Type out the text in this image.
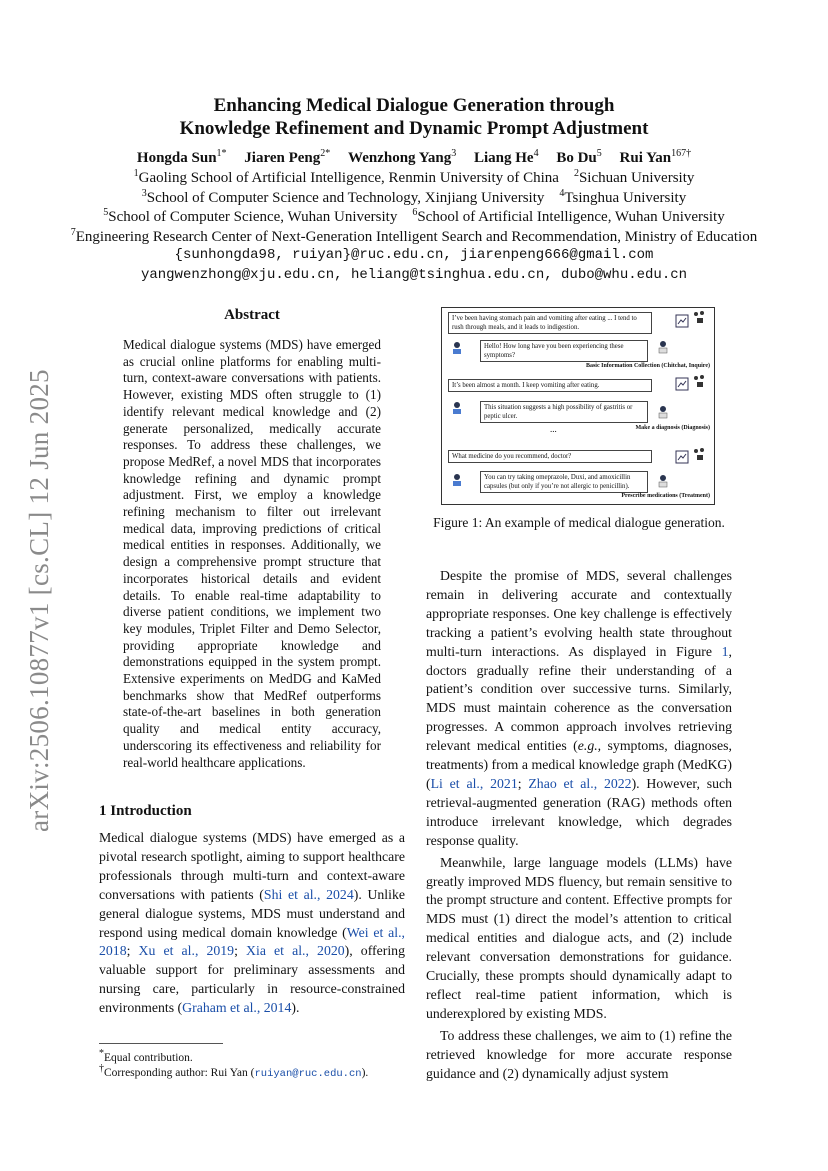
arXiv:2506.10877v1 [cs.CL] 12 Jun 2025
Enhancing Medical Dialogue Generation through
Knowledge Refinement and Dynamic Prompt Adjustment
Hongda Sun$^{1*}$ Jiaren Peng$^{2*}$ Wenzhong Yang$^3$ Liang He$^4$ Bo Du$^5$ Rui Yan$^{167\dagger}$
$^1$Gaoling School of Artificial Intelligence, Renmin University of China $^2$Sichuan University
$^3$School of Computer Science and Technology, Xinjiang University $^4$Tsinghua University
$^5$School of Computer Science, Wuhan University $^6$School of Artificial Intelligence, Wuhan University
$^7$Engineering Research Center of Next-Generation Intelligent Search and Recommendation, Ministry of Education
{sunhongda98, ruiyan}@ruc.edu.cn, jiarenpeng666@gmail.com
yangwenzhong@xju.edu.cn, heliang@tsinghua.edu.cn, dubo@whu.edu.cn
Abstract
Medical dialogue systems (MDS) have emerged as crucial online platforms for enabling multi-turn, context-aware conversations with patients. However, existing MDS often struggle to (1) identify relevant medical knowledge and (2) generate personalized, medically accurate responses. To address these challenges, we propose MedRef, a novel MDS that incorporates knowledge refining and dynamic prompt adjustment. First, we employ a knowledge refining mechanism to filter out irrelevant medical data, improving predictions of critical medical entities in responses. Additionally, we design a comprehensive prompt structure that incorporates historical details and evident details. To enable real-time adaptability to diverse patient conditions, we implement two key modules, Triplet Filter and Demo Selector, providing appropriate knowledge and demonstrations equipped in the system prompt. Extensive experiments on MedDG and KaMed benchmarks show that MedRef outperforms state-of-the-art baselines in both generation quality and medical entity accuracy, underscoring its effectiveness and reliability for real-world healthcare applications.
1 Introduction

Medical dialogue systems (MDS) have emerged as a pivotal research spotlight, aiming to support healthcare professionals through multi-turn and context-aware conversations with patients (Shi et al., 2024). Unlike general dialogue systems, MDS must understand and respond using medical domain knowledge (Wei et al., 2018; Xu et al., 2019; Xia et al., 2020), offering valuable support for preliminary assessments and nursing care, particularly in resource-constrained environments (Graham et al., 2014).

*Equal contribution.
†Corresponding author: Rui Yan (ruiyan@ruc.edu.cn).
I’ve been having stomach pain and vomiting after eating ... I tend to rush through meals, and it leads to indigestion.
Hello! How long have you been experiencing these symptoms?
Basic Information Collection (Chitchat, Inquire)
It’s been almost a month. I keep vomiting after eating.
This situation suggests a high possibility of gastritis or peptic ulcer.
Make a diagnosis (Diagnosis)
What medicine do you recommend, doctor?
You can try taking omeprazole, Duxi, and amoxicillin capsules (but only if you’re not allergic to penicillin).
Prescribe medications (Treatment)
...
Figure 1: An example of medical dialogue generation.

Despite the promise of MDS, several challenges remain in delivering accurate and contextually appropriate responses. One key challenge is effectively tracking a patient’s evolving health state throughout multi-turn interactions. As displayed in Figure 1, doctors gradually refine their understanding of a patient’s condition over successive turns. Similarly, MDS must maintain coherence as the conversation progresses. A common approach involves retrieving relevant medical entities (e.g., symptoms, diagnoses, treatments) from a medical knowledge graph (MedKG) (Li et al., 2021; Zhao et al., 2022). However, such retrieval-augmented generation (RAG) methods often introduce irrelevant knowledge, which degrades response quality.

Meanwhile, large language models (LLMs) have greatly improved MDS fluency, but remain sensitive to the prompt structure and content. Effective prompts for MDS must (1) direct the model’s attention to critical medical entities and dialogue acts, and (2) include relevant conversation demonstrations for guidance. Crucially, these prompts should dynamically adapt to reflect real-time patient information, which is underexplored by existing MDS.

To address these challenges, we aim to (1) refine the retrieved knowledge for more accurate response guidance and (2) dynamically adjust system
